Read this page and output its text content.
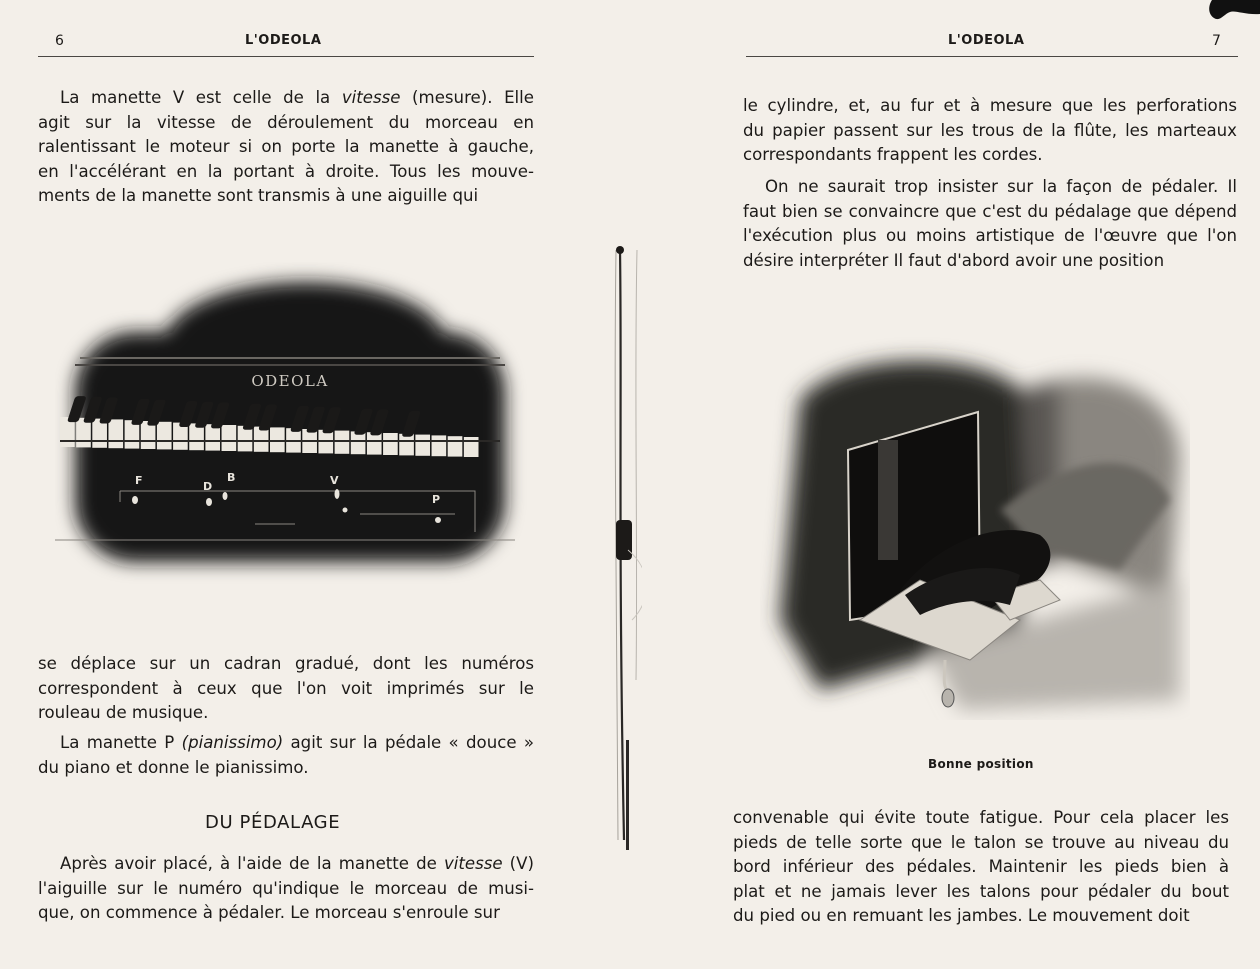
6	L'ODEOLA
La manette V est celle de la vitesse (mesure). Elle
agit sur la vitesse de déroulement du morceau en
ralentissant le moteur si on porte la manette à gauche,
en l'accélérant en la portant à droite. Tous les mouve-
ments de la manette sont transmis à une aiguille qui
ODEOLA
F	D
B	V
P
se déplace sur un cadran gradué, dont les numéros
correspondent à ceux que l'on voit imprimés sur le
rouleau de musique.
La manette P (pianissimo) agit sur la pédale « douce »
du piano et donne le pianissimo.
DU PÉDALAGE
Après avoir placé, à l'aide de la manette de vitesse (V)
l'aiguille sur le numéro qu'indique le morceau de musi-
que, on commence à pédaler. Le morceau s'enroule sur
L'ODEOLA	7
le cylindre, et, au fur et à mesure que les perforations
du papier passent sur les trous de la flûte, les marteaux
correspondants frappent les cordes.
On ne saurait trop insister sur la façon de pédaler. Il
faut bien se convaincre que c'est du pédalage que dépend
l'exécution plus ou moins artistique de l'œuvre que l'on
désire interpréter Il faut d'abord avoir une position
Bonne position
convenable qui évite toute fatigue. Pour cela placer les
pieds de telle sorte que le talon se trouve au niveau du
bord inférieur des pédales. Maintenir les pieds bien à
plat et ne jamais lever les talons pour pédaler du bout
du pied ou en remuant les jambes. Le mouvement doit
